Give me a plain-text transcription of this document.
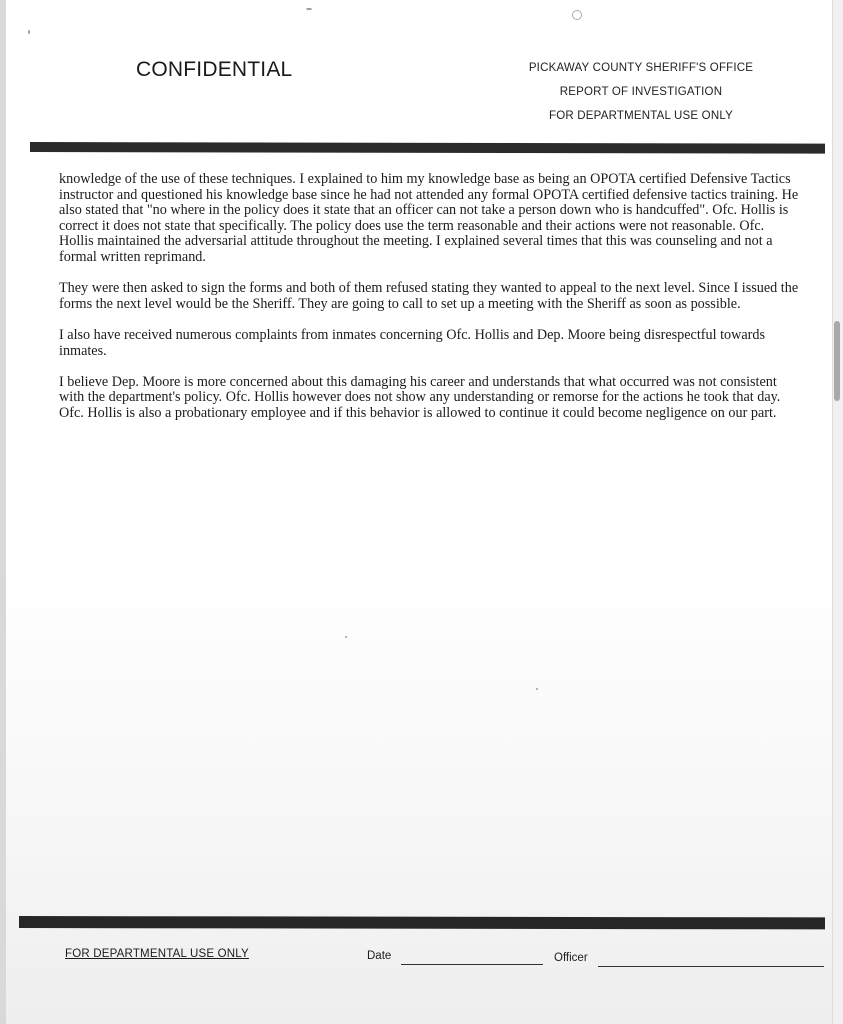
CONFIDENTIAL	PICKAWAY COUNTY SHERIFF'S OFFICE
REPORT OF INVESTIGATION
FOR DEPARTMENTAL USE ONLY

knowledge of the use of these techniques. I explained to him my knowledge base as being an OPOTA certified Defensive Tactics instructor and questioned his knowledge base since he had not attended any formal OPOTA certified defensive tactics training. He also stated that "no where in the policy does it state that an officer can not take a person down who is handcuffed". Ofc. Hollis is correct it does not state that specifically. The policy does use the term reasonable and their actions were not reasonable. Ofc. Hollis maintained the adversarial attitude throughout the meeting. I explained several times that this was counseling and not a formal written reprimand.

They were then asked to sign the forms and both of them refused stating they wanted to appeal to the next level. Since I issued the forms the next level would be the Sheriff. They are going to call to set up a meeting with the Sheriff as soon as possible.

I also have received numerous complaints from inmates concerning Ofc. Hollis and Dep. Moore being disrespectful towards inmates.

I believe Dep. Moore is more concerned about this damaging his career and understands that what occurred was not consistent with the department's policy. Ofc. Hollis however does not show any understanding or remorse for the actions he took that day. Ofc. Hollis is also a probationary employee and if this behavior is allowed to continue it could become negligence on our part.

FOR DEPARTMENTAL USE ONLY	Date	Officer
